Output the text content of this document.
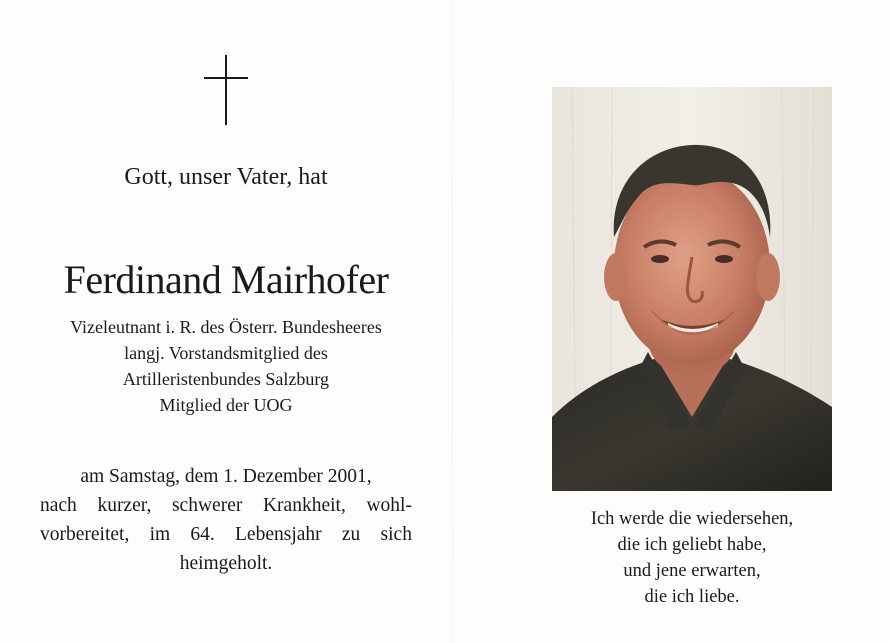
Gott, unser Vater, hat
Ferdinand Mairhofer
Vizeleutnant i. R. des Österr. Bundesheeres
langj. Vorstandsmitglied des
Artilleristenbundes Salzburg
Mitglied der UOG
am Samstag, dem 1. Dezember 2001,
nach kurzer, schwerer Krankheit, wohl-
vorbereitet, im 64. Lebensjahr zu sich
heimgeholt.
Ich werde die wiedersehen,
die ich geliebt habe,
und jene erwarten,
die ich liebe.
